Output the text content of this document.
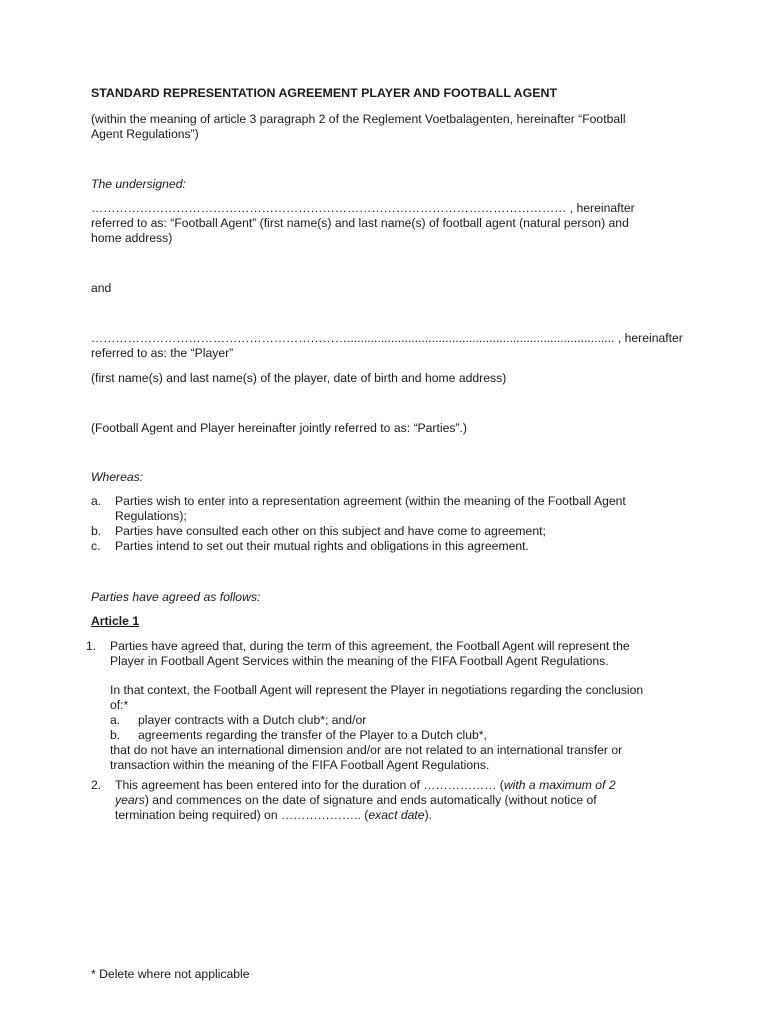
STANDARD REPRESENTATION AGREEMENT PLAYER AND FOOTBALL AGENT
(within the meaning of article 3 paragraph 2 of the Reglement Voetbalagenten, hereinafter “Football
Agent Regulations”)
The undersigned:
……………………………………………………………………………………………………… , hereinafter
referred to as: “Football Agent” (first name(s) and last name(s) of football agent (natural person) and
home address)
and
………………………………………………………............................................................................... , hereinafter
referred to as: the “Player”
(first name(s) and last name(s) of the player, date of birth and home address)
(Football Agent and Player hereinafter jointly referred to as: “Parties”.)
Whereas:
a.	Parties wish to enter into a representation agreement (within the meaning of the Football Agent
Regulations);
b.	Parties have consulted each other on this subject and have come to agreement;
c.	Parties intend to set out their mutual rights and obligations in this agreement.
Parties have agreed as follows:
Article 1
1.	Parties have agreed that, during the term of this agreement, the Football Agent will represent the
Player in Football Agent Services within the meaning of the FIFA Football Agent Regulations.
In that context, the Football Agent will represent the Player in negotiations regarding the conclusion
of:*
a.	player contracts with a Dutch club*; and/or
b.	agreements regarding the transfer of the Player to a Dutch club*,
that do not have an international dimension and/or are not related to an international transfer or
transaction within the meaning of the FIFA Football Agent Regulations.
2.	This agreement has been entered into for the duration of ……………… (with a maximum of 2
years) and commences on the date of signature and ends automatically (without notice of
termination being required) on ……………….. (exact date).
* Delete where not applicable
